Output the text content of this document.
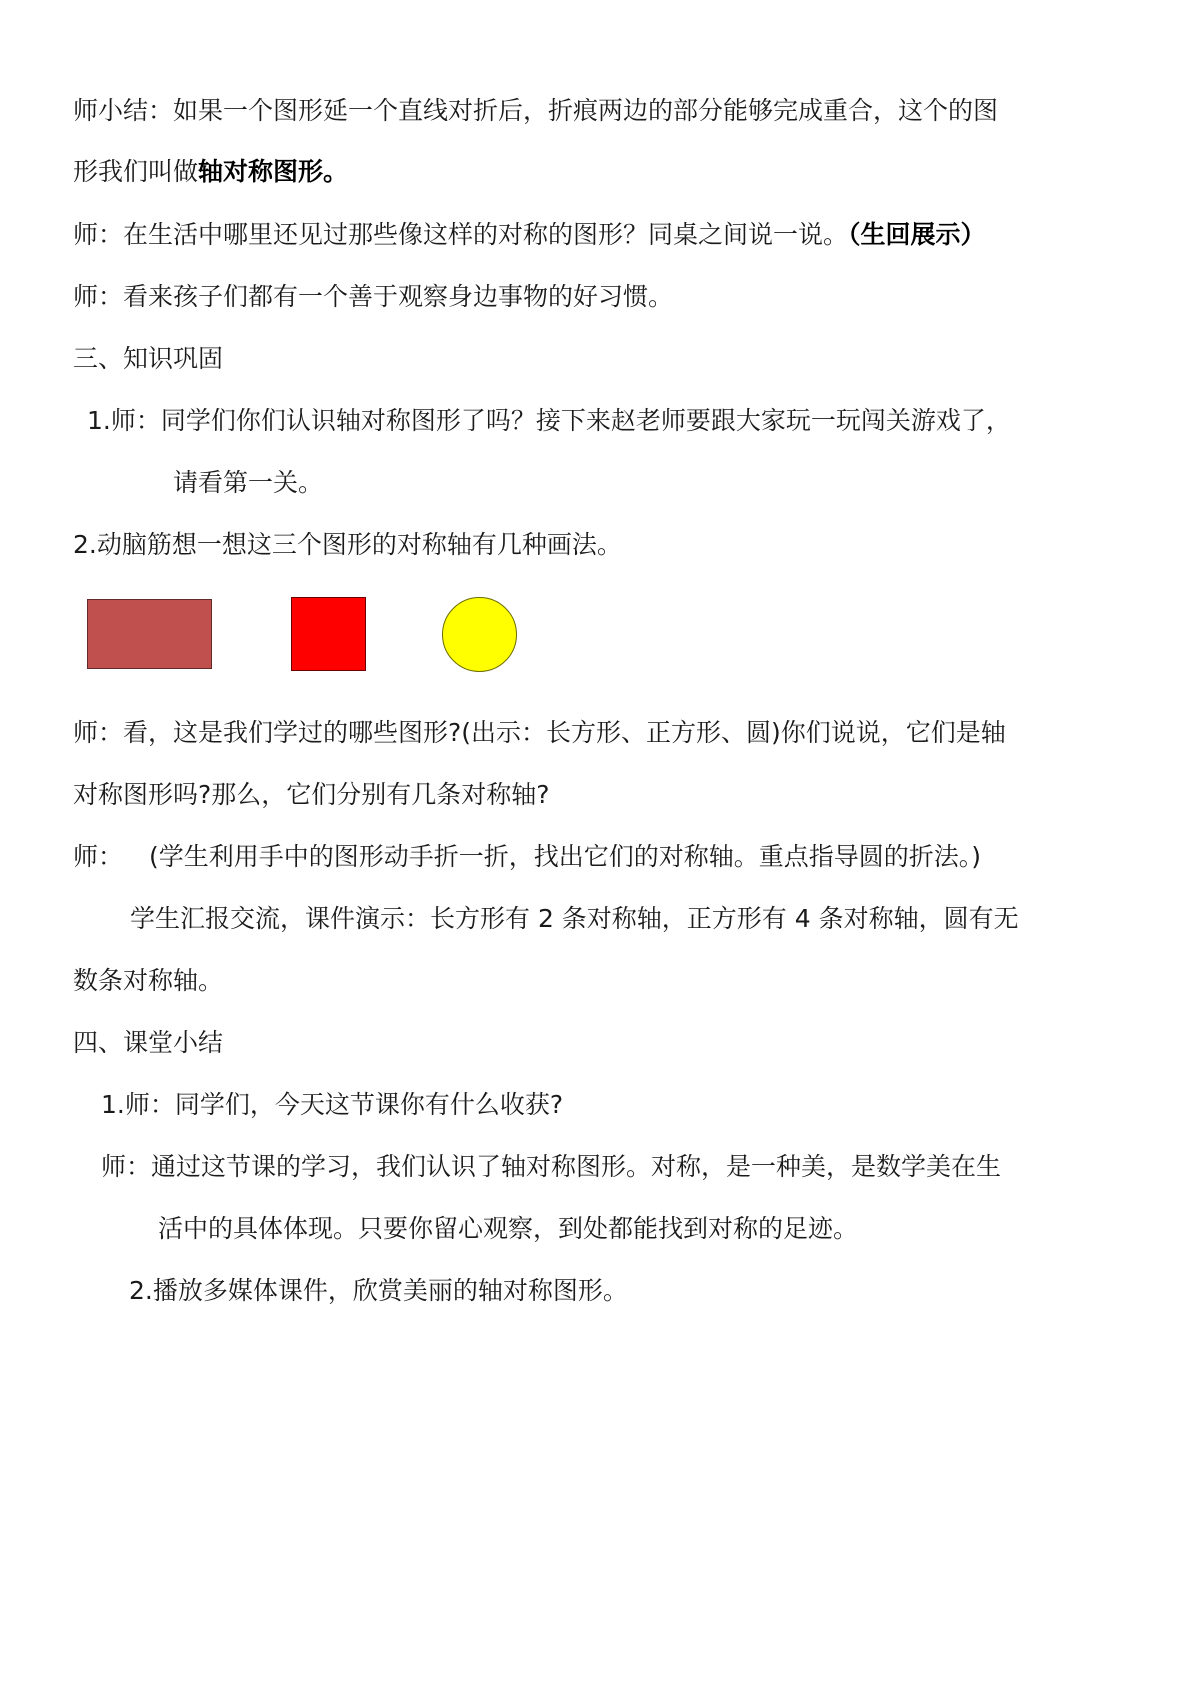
师小结：如果一个图形延一个直线对折后，折痕两边的部分能够完成重合，这个的图
形我们叫做轴对称图形。
师：在生活中哪里还见过那些像这样的对称的图形？同桌之间说一说。（生回展示）
师：看来孩子们都有一个善于观察身边事物的好习惯。
三、知识巩固
1.师：同学们你们认识轴对称图形了吗？接下来赵老师要跟大家玩一玩闯关游戏了，
请看第一关。
2.动脑筋想一想这三个图形的对称轴有几种画法。
师：看，这是我们学过的哪些图形?(出示：长方形、正方形、圆)你们说说，它们是轴
对称图形吗?那么，它们分别有几条对称轴?
师： (学生利用手中的图形动手折一折，找出它们的对称轴。重点指导圆的折法。)
学生汇报交流，课件演示：长方形有 2 条对称轴，正方形有 4 条对称轴，圆有无
数条对称轴。
四、课堂小结
1.师：同学们，今天这节课你有什么收获?
师：通过这节课的学习，我们认识了轴对称图形。对称，是一种美，是数学美在生
活中的具体体现。只要你留心观察，到处都能找到对称的足迹。
2.播放多媒体课件，欣赏美丽的轴对称图形。
